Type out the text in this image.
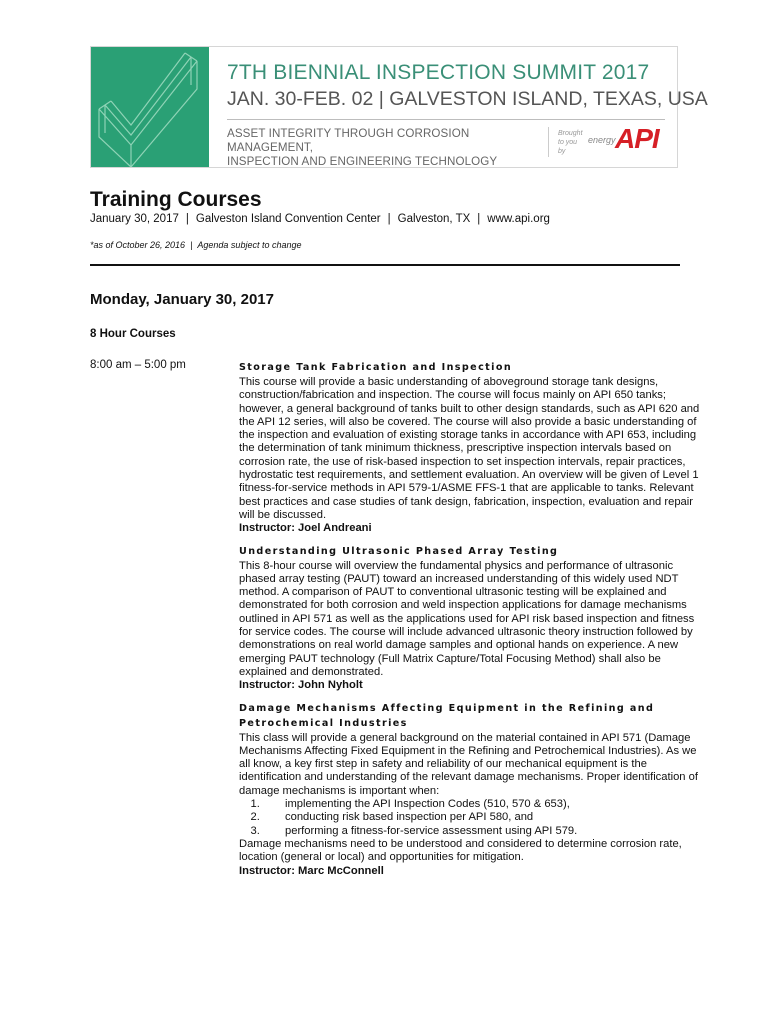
7TH BIENNIAL INSPECTION SUMMIT 2017
JAN. 30-FEB. 02 | GALVESTON ISLAND, TEXAS, USA
ASSET INTEGRITY THROUGH CORROSION MANAGEMENT,
INSPECTION AND ENGINEERING TECHNOLOGY
Brought to you by
energy API
Training Courses
January 30, 2017 | Galveston Island Convention Center | Galveston, TX | www.api.org
*as of October 26, 2016 | Agenda subject to change
Monday, January 30, 2017
8 Hour Courses
8:00 am – 5:00 pm	Storage Tank Fabrication and Inspection

This course will provide a basic understanding of aboveground storage tank designs, construction/fabrication and inspection. The course will focus mainly on API 650 tanks; however, a general background of tanks built to other design standards, such as API 620 and the API 12 series, will also be covered. The course will also provide a basic understanding of the inspection and evaluation of existing storage tanks in accordance with API 653, including the determination of tank minimum thickness, prescriptive inspection intervals based on corrosion rate, the use of risk-based inspection to set inspection intervals, repair practices, hydrostatic test requirements, and settlement evaluation. An overview will be given of Level 1 fitness-for-service methods in API 579-1/ASME FFS-1 that are applicable to tanks. Relevant best practices and case studies of tank design, fabrication, inspection, evaluation and repair will be discussed.

Instructor: Joel Andreani
Understanding Ultrasonic Phased Array Testing

This 8-hour course will overview the fundamental physics and performance of ultrasonic phased array testing (PAUT) toward an increased understanding of this widely used NDT method. A comparison of PAUT to conventional ultrasonic testing will be explained and demonstrated for both corrosion and weld inspection applications for damage mechanisms outlined in API 571 as well as the applications used for API risk based inspection and fitness for service codes. The course will include advanced ultrasonic theory instruction followed by demonstrations on real world damage samples and optional hands on experience. A new emerging PAUT technology (Full Matrix Capture/Total Focusing Method) shall also be explained and demonstrated.

Instructor: John Nyholt
Damage Mechanisms Affecting Equipment in the Refining and Petrochemical Industries

This class will provide a general background on the material contained in API 571 (Damage Mechanisms Affecting Fixed Equipment in the Refining and Petrochemical Industries). As we all know, a key first step in safety and reliability of our mechanical equipment is the identification and understanding of the relevant damage mechanisms. Proper identification of damage mechanisms is important when:

1. implementing the API Inspection Codes (510, 570 & 653),
2. conducting risk based inspection per API 580, and
3. performing a fitness-for-service assessment using API 579.

Damage mechanisms need to be understood and considered to determine corrosion rate, location (general or local) and opportunities for mitigation.

Instructor: Marc McConnell
